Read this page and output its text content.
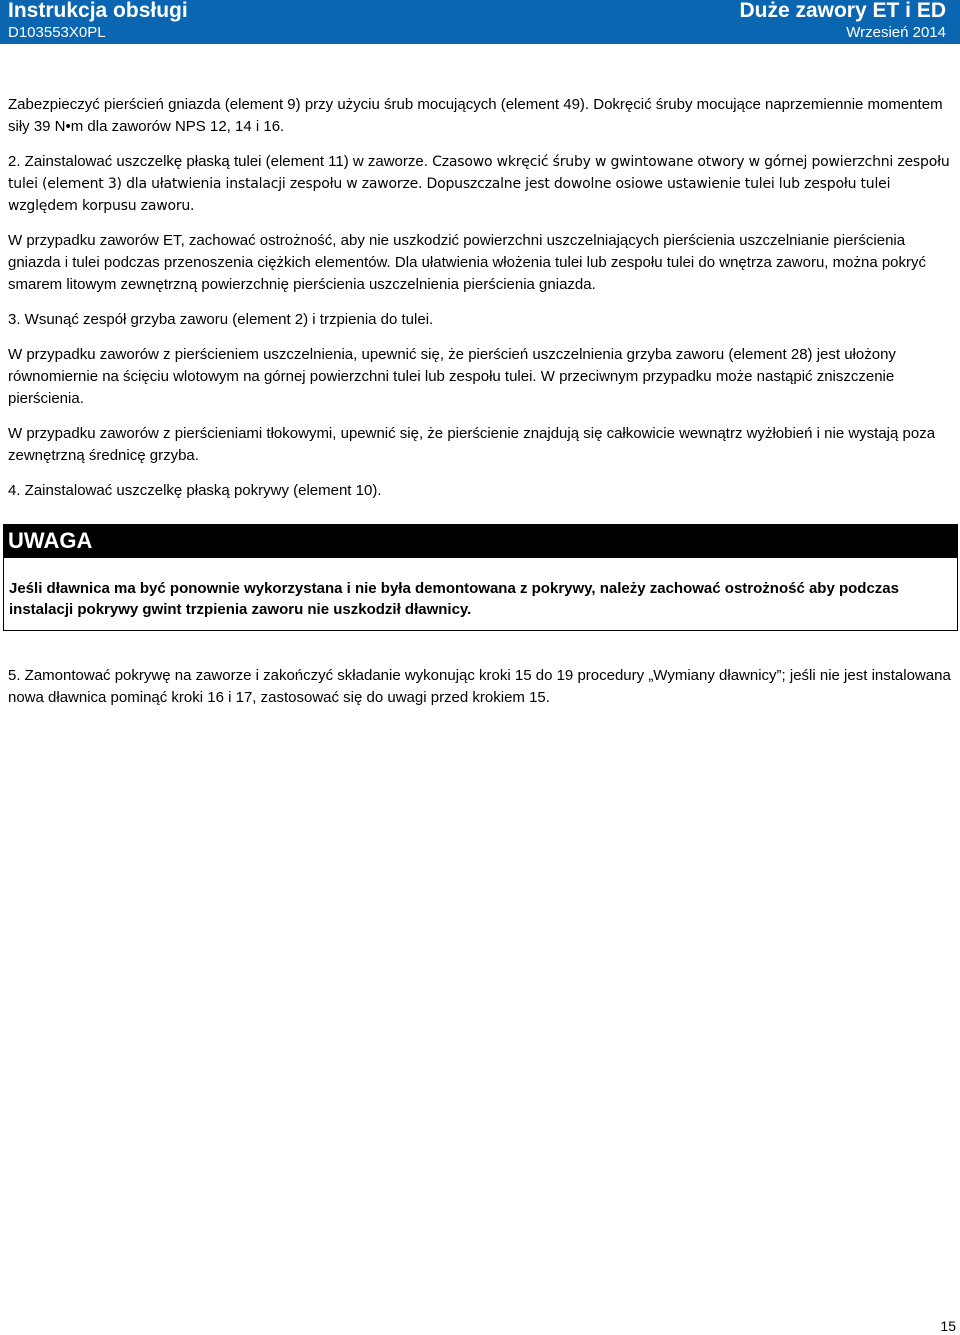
Instrukcja obsługi
D103553X0PL
Duże zawory ET i ED
Wrzesień 2014

Zabezpieczyć pierścień gniazda (element 9) przy użyciu śrub mocujących (element 49). Dokręcić śruby mocujące naprzemiennie momentem siły 39 N•m dla zaworów NPS 12, 14 i 16.

2. Zainstalować uszczelkę płaską tulei (element 11) w zaworze. Czasowo wkręcić śruby w gwintowane otwory w górnej powierzchni zespołu tulei (element 3) dla ułatwienia instalacji zespołu w zaworze. Dopuszczalne jest dowolne osiowe ustawienie tulei lub zespołu tulei względem korpusu zaworu.

W przypadku zaworów ET, zachować ostrożność, aby nie uszkodzić powierzchni uszczelniających pierścienia uszczelnianie pierścienia gniazda i tulei podczas przenoszenia ciężkich elementów. Dla ułatwienia włożenia tulei lub zespołu tulei do wnętrza zaworu, można pokryć smarem litowym zewnętrzną powierzchnię pierścienia uszczelnienia pierścienia gniazda.

3. Wsunąć zespół grzyba zaworu (element 2) i trzpienia do tulei.

W przypadku zaworów z pierścieniem uszczelnienia, upewnić się, że pierścień uszczelnienia grzyba zaworu (element 28) jest ułożony równomiernie na ścięciu wlotowym na górnej powierzchni tulei lub zespołu tulei. W przeciwnym przypadku może nastąpić zniszczenie pierścienia.

W przypadku zaworów z pierścieniami tłokowymi, upewnić się, że pierścienie znajdują się całkowicie wewnątrz wyżłobień i nie wystają poza zewnętrzną średnicę grzyba.

4. Zainstalować uszczelkę płaską pokrywy (element 10).

UWAGA
Jeśli dławnica ma być ponownie wykorzystana i nie była demontowana z pokrywy, należy zachować ostrożność aby podczas instalacji pokrywy gwint trzpienia zaworu nie uszkodził dławnicy.

5. Zamontować pokrywę na zaworze i zakończyć składanie wykonując kroki 15 do 19 procedury „Wymiany dławnicy”; jeśli nie jest instalowana nowa dławnica pominąć kroki 16 i 17, zastosować się do uwagi przed krokiem 15.

15
